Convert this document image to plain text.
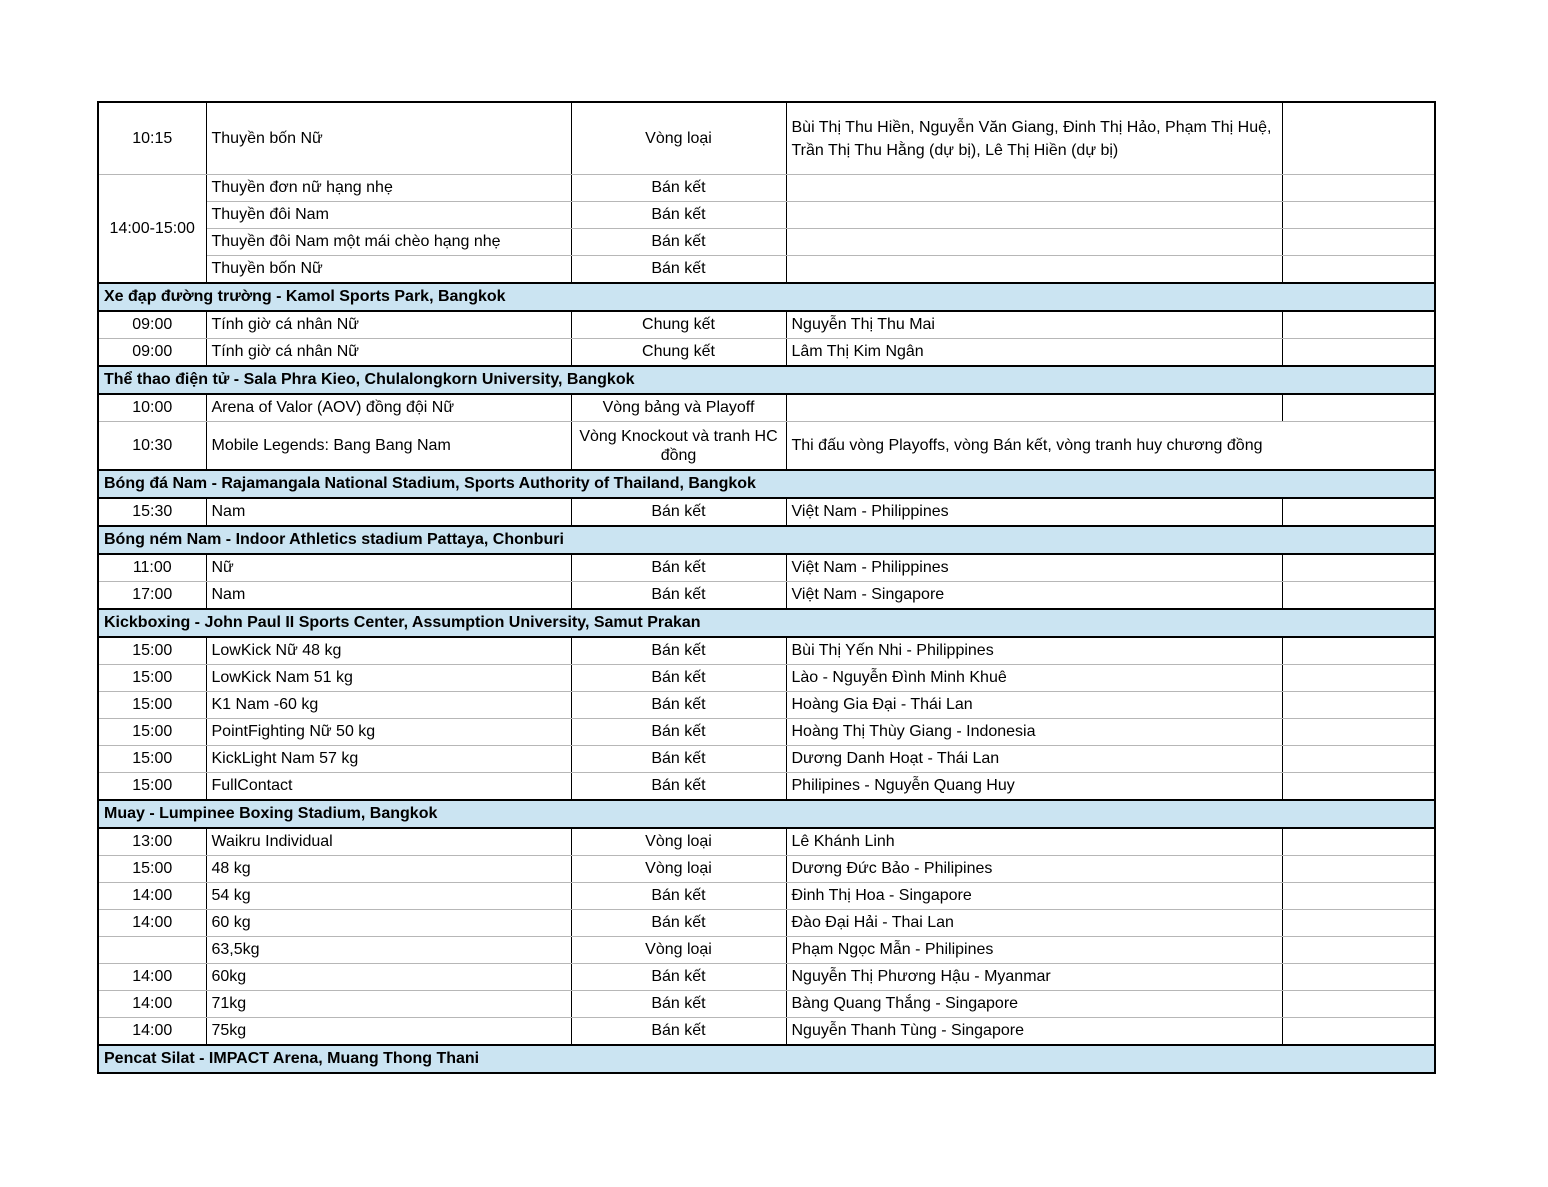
10:15	Thuyền bốn Nữ	Vòng loại	Bùi Thị Thu Hiền, Nguyễn Văn Giang, Đinh Thị Hảo, Phạm Thị Huệ, Trần Thị Thu Hằng (dự bị), Lê Thị Hiền (dự bị)	
14:00-15:00	Thuyền đơn nữ hạng nhẹ	Bán kết		
	Thuyền đôi Nam	Bán kết		
	Thuyền đôi Nam một mái chèo hạng nhẹ	Bán kết		
	Thuyền bốn Nữ	Bán kết		
Xe đạp đường trường - Kamol Sports Park, Bangkok				
09:00	Tính giờ cá nhân Nữ	Chung kết	Nguyễn Thị Thu Mai	
09:00	Tính giờ cá nhân Nữ	Chung kết	Lâm Thị Kim Ngân	
Thể thao điện tử - Sala Phra Kieo, Chulalongkorn University, Bangkok				
10:00	Arena of Valor (AOV) đồng đội Nữ	Vòng bảng và Playoff		
10:30	Mobile Legends: Bang Bang Nam	Vòng Knockout và tranh HC đồng	Thi đấu vòng Playoffs, vòng Bán kết, vòng tranh huy chương đồng	
Bóng đá Nam - Rajamangala National Stadium, Sports Authority of Thailand, Bangkok				
15:30	Nam	Bán kết	Việt Nam - Philippines	
Bóng ném Nam - Indoor Athletics stadium Pattaya, Chonburi				
11:00	Nữ	Bán kết	Việt Nam - Philippines	
17:00	Nam	Bán kết	Việt Nam - Singapore	
Kickboxing - John Paul II Sports Center, Assumption University, Samut Prakan				
15:00	LowKick Nữ 48 kg	Bán kết	Bùi Thị Yến Nhi - Philippines	
15:00	LowKick Nam 51 kg	Bán kết	Lào - Nguyễn Đình Minh Khuê	
15:00	K1 Nam -60 kg	Bán kết	Hoàng Gia Đại - Thái Lan	
15:00	PointFighting Nữ 50 kg	Bán kết	Hoàng Thị Thùy Giang - Indonesia	
15:00	KickLight Nam 57 kg	Bán kết	Dương Danh Hoạt - Thái Lan	
15:00	FullContact	Bán kết	Philipines - Nguyễn Quang Huy	
Muay - Lumpinee Boxing Stadium, Bangkok				
13:00	Waikru Individual	Vòng loại	Lê Khánh Linh	
15:00	48 kg	Vòng loại	Dương Đức Bảo - Philipines	
14:00	54 kg	Bán kết	Đinh Thị Hoa - Singapore	
14:00	60 kg	Bán kết	Đào Đại Hải - Thai Lan	
	63,5kg	Vòng loại	Phạm Ngọc Mẫn - Philipines	
14:00	60kg	Bán kết	Nguyễn Thị Phương Hậu - Myanmar	
14:00	71kg	Bán kết	Bàng Quang Thắng - Singapore	
14:00	75kg	Bán kết	Nguyễn Thanh Tùng - Singapore	
Pencat Silat - IMPACT Arena, Muang Thong Thani				
